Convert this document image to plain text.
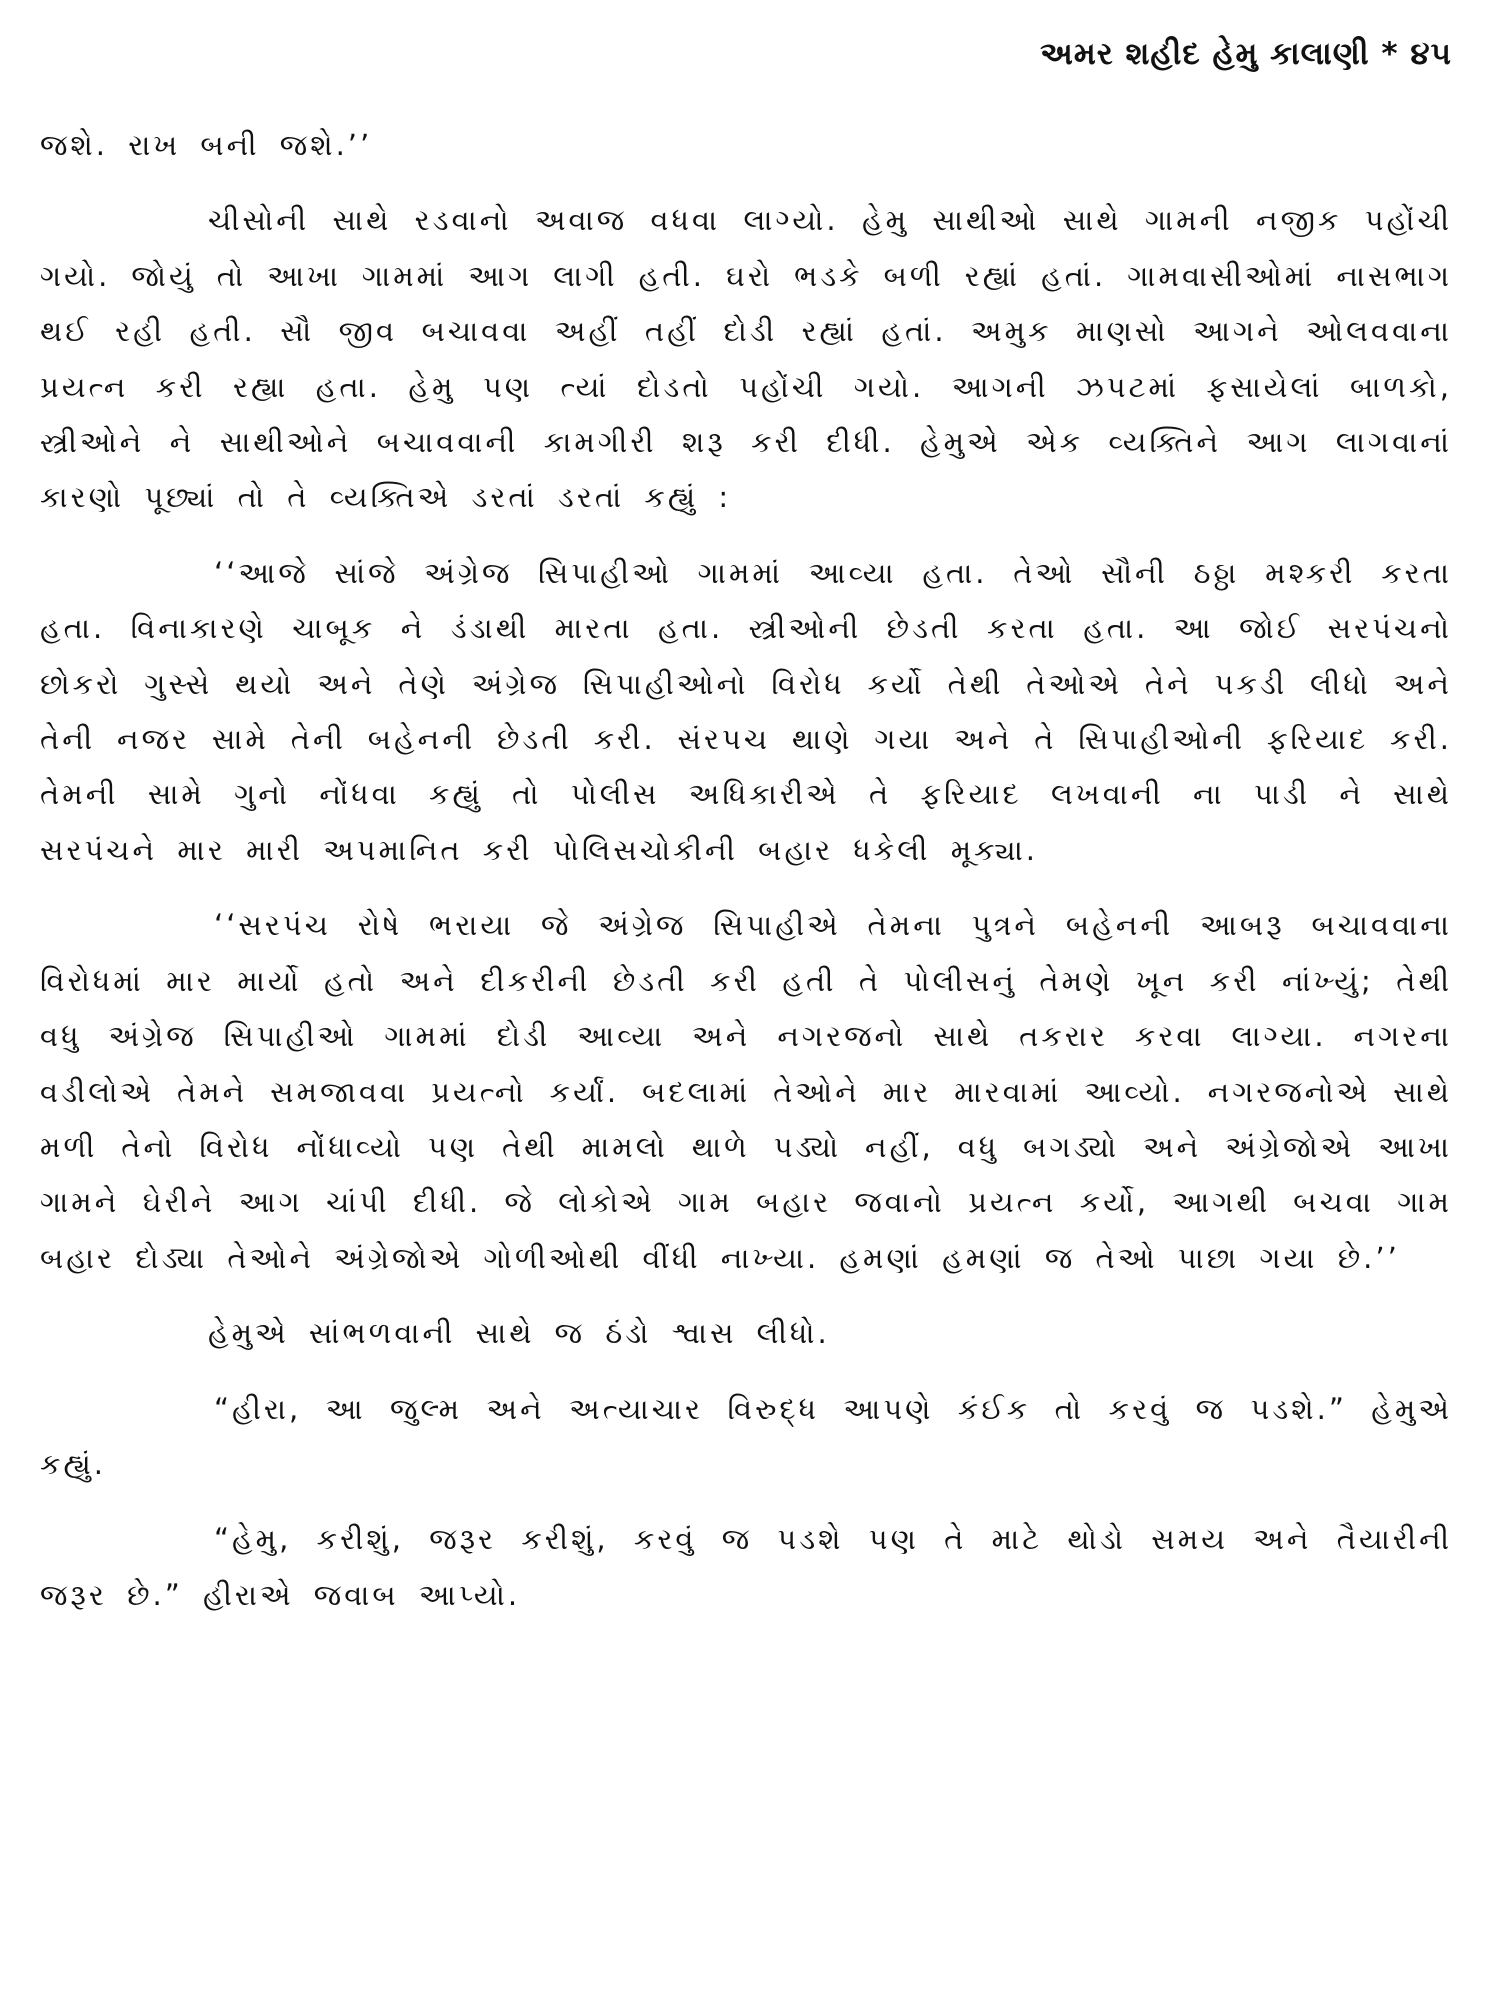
અમર શહીદ હેમુ કાલાણી * ૪૫

જશે. રાખ બની જશે.’’

ચીસોની સાથે રડવાનો અવાજ વધવા લાગ્યો. હેમુ સાથીઓ સાથે ગામની નજીક પહોંચી ગયો. જોયું તો આખા ગામમાં આગ લાગી હતી. ઘરો ભડકે બળી રહ્યાં હતાં. ગામવાસીઓમાં નાસભાગ થઈ રહી હતી. સૌ જીવ બચાવવા અહીં તહીં દોડી રહ્યાં હતાં. અમુક માણસો આગને ઓલવવાના પ્રયત્ન કરી રહ્યા હતા. હેમુ પણ ત્યાં દોડતો પહોંચી ગયો. આગની ઝપટમાં ફસાયેલાં બાળકો, સ્ત્રીઓને ને સાથીઓને બચાવવાની કામગીરી શરૂ કરી દીધી. હેમુએ એક વ્યક્તિને આગ લાગવાનાં કારણો પૂછ્યાં તો તે વ્યક્તિએ ડરતાં ડરતાં કહ્યું :

‘‘આજે સાંજે અંગ્રેજ સિપાહીઓ ગામમાં આવ્યા હતા. તેઓ સૌની ઠઠ્ઠા મશ્કરી કરતા હતા. વિનાકારણે ચાબૂક ને ડંડાથી મારતા હતા. સ્ત્રીઓની છેડતી કરતા હતા. આ જોઈ સરપંચનો છોકરો ગુસ્સે થયો અને તેણે અંગ્રેજ સિપાહીઓનો વિરોધ કર્યો તેથી તેઓએ તેને પકડી લીધો અને તેની નજર સામે તેની બહેનની છેડતી કરી. સંરપચ થાણે ગયા અને તે સિપાહીઓની ફરિયાદ કરી. તેમની સામે ગુનો નોંધવા કહ્યું તો પોલીસ અધિકારીએ તે ફરિયાદ લખવાની ના પાડી ને સાથે સરપંચને માર મારી અપમાનિત કરી પોલિસચોકીની બહાર ધકેલી મૂક્યા.

‘‘સરપંચ રોષે ભરાયા જે અંગ્રેજ સિપાહીએ તેમના પુત્રને બહેનની આબરૂ બચાવવાના વિરોધમાં માર માર્યો હતો અને દીકરીની છેડતી કરી હતી તે પોલીસનું તેમણે ખૂન કરી નાંખ્યું; તેથી વધુ અંગ્રેજ સિપાહીઓ ગામમાં દોડી આવ્યા અને નગરજનો સાથે તકરાર કરવા લાગ્યા. નગરના વડીલોએ તેમને સમજાવવા પ્રયત્નો કર્યાં. બદલામાં તેઓને માર મારવામાં આવ્યો. નગરજનોએ સાથે મળી તેનો વિરોધ નોંધાવ્યો પણ તેથી મામલો થાળે પડ્યો નહીં, વધુ બગડ્યો અને અંગ્રેજોએ આખા ગામને ઘેરીને આગ ચાંપી દીધી. જે લોકોએ ગામ બહાર જવાનો પ્રયત્ન કર્યો, આગથી બચવા ગામ બહાર દોડ્યા તેઓને અંગ્રેજોએ ગોળીઓથી વીંધી નાખ્યા. હમણાં હમણાં જ તેઓ પાછા ગયા છે.’’

હેમુએ સાંભળવાની સાથે જ ઠંડો શ્વાસ લીધો.

“હીરા, આ જુલ્મ અને અત્યાચાર વિરુદ્ધ આપણે કંઈક તો કરવું જ પડશે.” હેમુએ કહ્યું.

“હેમુ, કરીશું, જરૂર કરીશું, કરવું જ પડશે પણ તે માટે થોડો સમય અને તૈયારીની જરૂર છે.” હીરાએ જવાબ આપ્યો.
